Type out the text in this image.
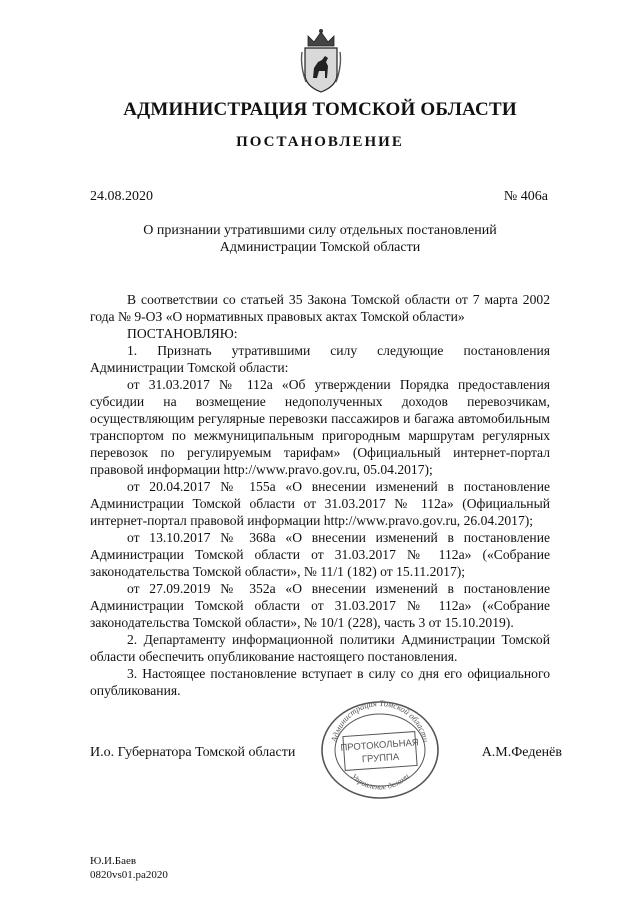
АДМИНИСТРАЦИЯ ТОМСКОЙ ОБЛАСТИ
ПОСТАНОВЛЕНИЕ
24.08.2020	№ 406а
О признании утратившими силу отдельных постановлений
Администрации Томской области

В соответствии со статьей 35 Закона Томской области от 7 марта 2002 года № 9-ОЗ «О нормативных правовых актах Томской области»

ПОСТАНОВЛЯЮ:

1. Признать утратившими силу следующие постановления Администрации Томской области:

от 31.03.2017 № 112а «Об утверждении Порядка предоставления субсидии на возмещение недополученных доходов перевозчикам, осуществляющим регулярные перевозки пассажиров и багажа автомобильным транспортом по межмуниципальным пригородным маршрутам регулярных перевозок по регулируемым тарифам» (Официальный интернет-портал правовой информации http://www.pravo.gov.ru, 05.04.2017);

от 20.04.2017 № 155а «О внесении изменений в постановление Администрации Томской области от 31.03.2017 № 112а» (Официальный интернет-портал правовой информации http://www.pravo.gov.ru, 26.04.2017);

от 13.10.2017 № 368а «О внесении изменений в постановление Администрации Томской области от 31.03.2017 № 112а» («Собрание законодательства Томской области», № 11/1 (182) от 15.11.2017);

от 27.09.2019 № 352а «О внесении изменений в постановление Администрации Томской области от 31.03.2017 № 112а» («Собрание законодательства Томской области», № 10/1 (228), часть 3 от 15.10.2019).

2. Департаменту информационной политики Администрации Томской области обеспечить опубликование настоящего постановления.

3. Настоящее постановление вступает в силу со дня его официального опубликования.

Администрация Томской области
Управление делами
ПРОТОКОЛЬНАЯ
ГРУППА
И.о. Губернатора Томской области	А.М.Феденёв
Ю.И.Баев
0820vs01.ра2020
